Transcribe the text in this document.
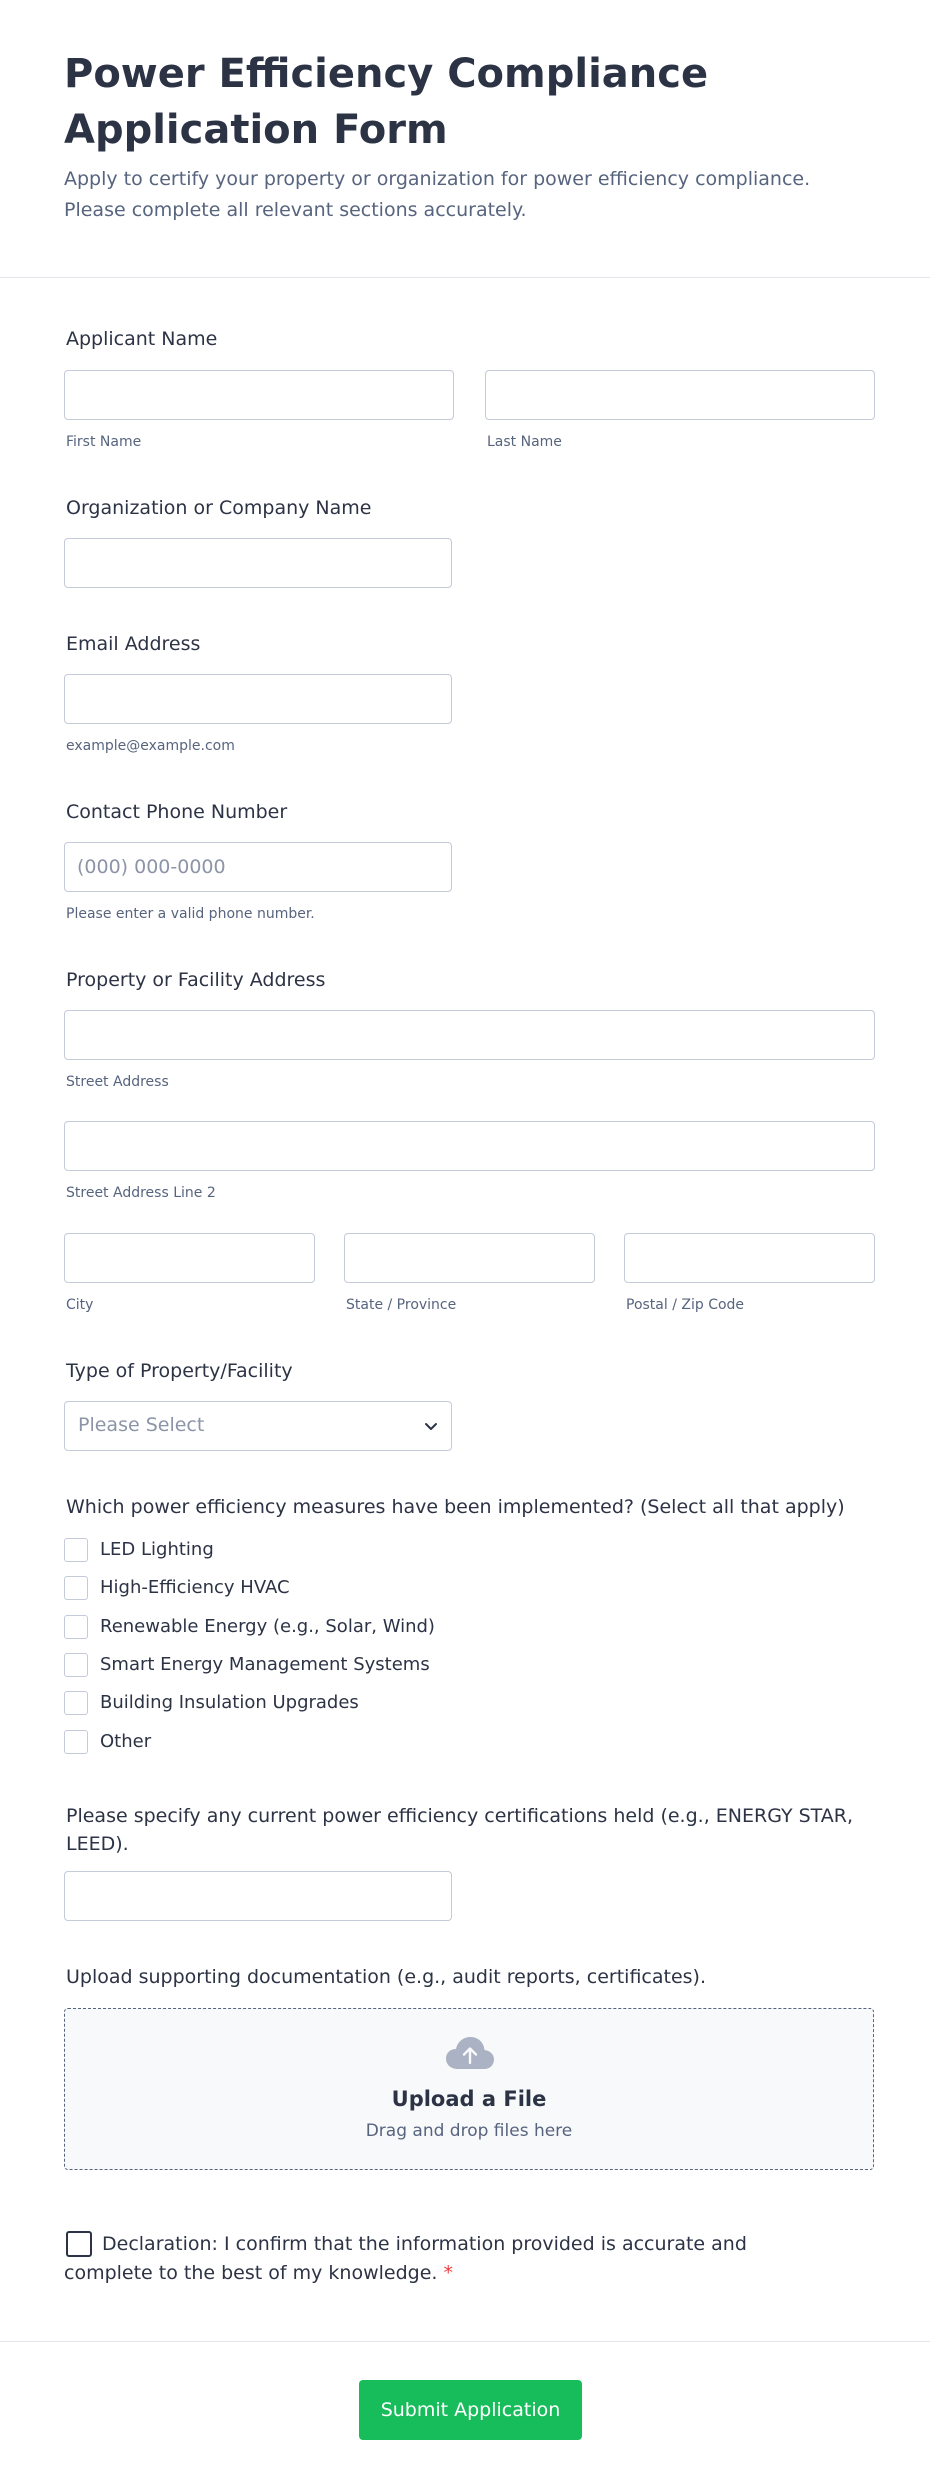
Power Efficiency Compliance Application Form

Apply to certify your property or organization for power efficiency compliance. Please complete all relevant sections accurately.

Applicant Name
First Name	Last Name
Organization or Company Name
Email Address
example@example.com
Contact Phone Number
(000) 000-0000
Please enter a valid phone number.
Property or Facility Address
Street Address
Street Address Line 2
City	State / Province	Postal / Zip Code
Type of Property/Facility
Please Select
Which power efficiency measures have been implemented? (Select all that apply)
LED Lighting
High-Efficiency HVAC
Renewable Energy (e.g., Solar, Wind)
Smart Energy Management Systems
Building Insulation Upgrades
Other
Please specify any current power efficiency certifications held (e.g., ENERGY STAR, LEED).
Upload supporting documentation (e.g., audit reports, certificates).
Upload a File
Drag and drop files here

Declaration: I confirm that the information provided is accurate and complete to the best of my knowledge. *

Submit Application
